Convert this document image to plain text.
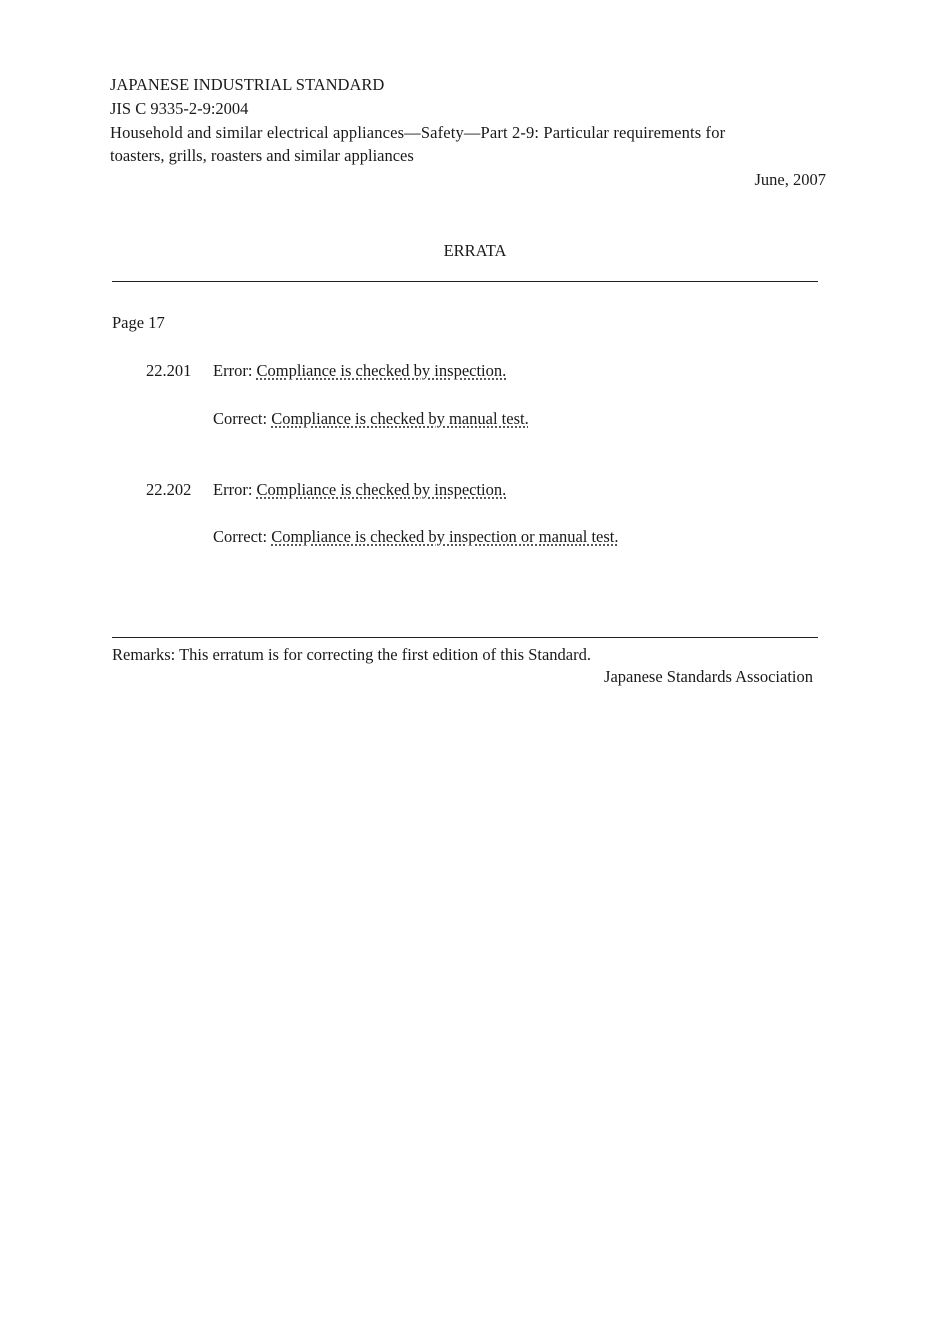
JAPANESE INDUSTRIAL STANDARD
JIS C 9335-2-9:2004
Household and similar electrical appliances—Safety—Part 2-9: Particular requirements for
toasters, grills, roasters and similar appliances
June, 2007
ERRATA
Page 17
22.201 Error: Compliance is checked by inspection.
Correct: Compliance is checked by manual test.
22.202 Error: Compliance is checked by inspection.
Correct: Compliance is checked by inspection or manual test.
Remarks: This erratum is for correcting the first edition of this Standard.
Japanese Standards Association
